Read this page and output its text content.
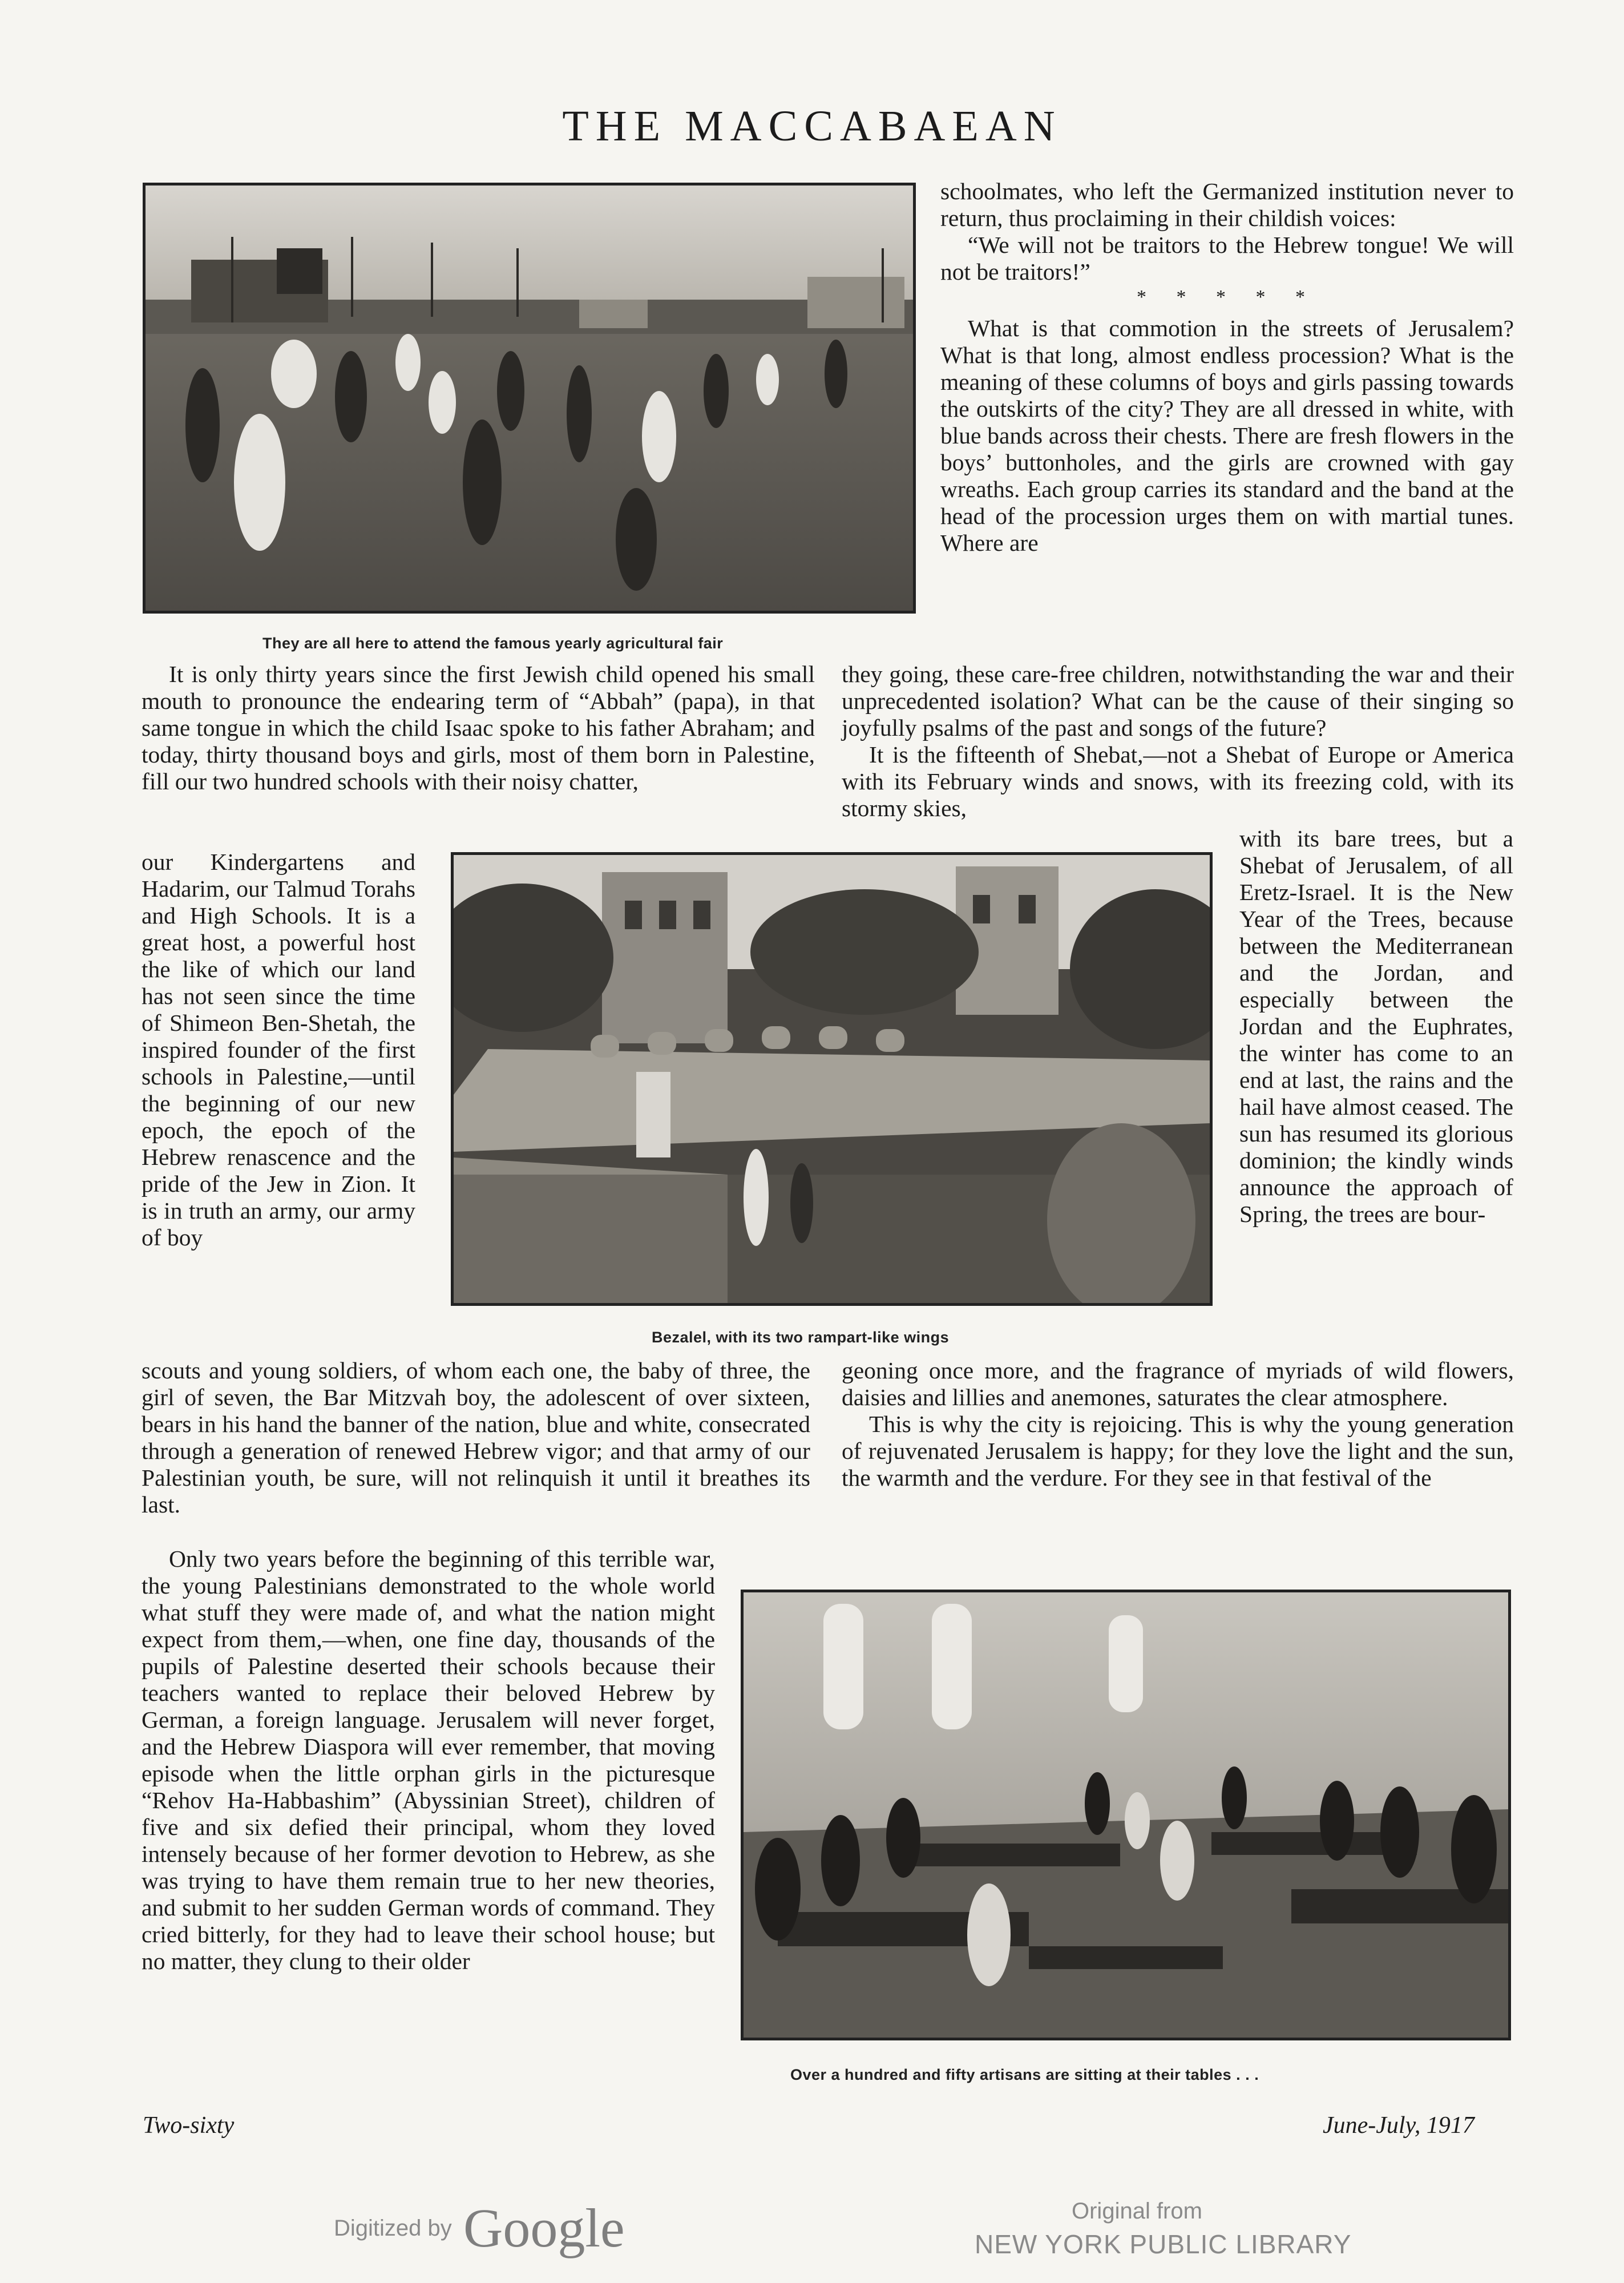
THE MACCABAEAN
They are all here to attend the famous yearly agricultural fair

It is only thirty years since the first Jewish child opened his small mouth to pronounce the endearing term of “Abbah” (papa), in that same tongue in which the child Isaac spoke to his father Abraham; and today, thirty thousand boys and girls, most of them born in Palestine, fill our two hundred schools with their noisy chatter,

our Kindergartens and Hadarim, our Talmud Torahs and High Schools. It is a great host, a powerful host the like of which our land has not seen since the time of Shimeon Ben-Shetah, the inspired founder of the first schools in Palestine,—until the beginning of our new epoch, the epoch of the Hebrew renascence and the pride of the Jew in Zion. It is in truth an army, our army of boy

Bezalel, with its two rampart-like wings

scouts and young soldiers, of whom each one, the baby of three, the girl of seven, the Bar Mitzvah boy, the adolescent of over sixteen, bears in his hand the banner of the nation, blue and white, consecrated through a generation of renewed Hebrew vigor; and that army of our Palestinian youth, be sure, will not relinquish it until it breathes its last.

Only two years before the beginning of this terrible war, the young Palestinians demonstrated to the whole world what stuff they were made of, and what the nation might expect from them,—when, one fine day, thousands of the pupils of Palestine deserted their schools because their teachers wanted to replace their beloved Hebrew by German, a foreign language. Jerusalem will never forget, and the Hebrew Diaspora will ever remember, that moving episode when the little orphan girls in the picturesque “Rehov Ha-Habbashim” (Abyssinian Street), children of five and six defied their principal, whom they loved intensely because of her former devotion to Hebrew, as she was trying to have them remain true to her new theories, and submit to her sudden German words of command. They cried bitterly, for they had to leave their school house; but no matter, they clung to their older

schoolmates, who left the Germanized institution never to return, thus proclaiming in their childish voices:

“We will not be traitors to the Hebrew tongue! We will not be traitors!”

* * * * *

What is that commotion in the streets of Jerusalem? What is that long, almost endless procession? What is the meaning of these columns of boys and girls passing towards the outskirts of the city? They are all dressed in white, with blue bands across their chests. There are fresh flowers in the boys’ buttonholes, and the girls are crowned with gay wreaths. Each group carries its standard and the band at the head of the procession urges them on with martial tunes. Where are

they going, these care-free children, notwithstanding the war and their unprecedented isolation? What can be the cause of their singing so joyfully psalms of the past and songs of the future?

It is the fifteenth of Shebat,—not a Shebat of Europe or America with its February winds and snows, with its freezing cold, with its stormy skies,

with its bare trees, but a Shebat of Jerusalem, of all Eretz-Israel. It is the New Year of the Trees, because between the Mediterranean and the Jordan, and especially between the Jordan and the Euphrates, the winter has come to an end at last, the rains and the hail have almost ceased. The sun has resumed its glorious dominion; the kindly winds announce the approach of Spring, the trees are bour-

geoning once more, and the fragrance of myriads of wild flowers, daisies and lillies and anemones, saturates the clear atmosphere.

This is why the city is rejoicing. This is why the young generation of rejuvenated Jerusalem is happy; for they love the light and the sun, the warmth and the verdure. For they see in that festival of the

Over a hundred and fifty artisans are sitting at their tables . . .
Two-sixty	June-July, 1917
Digitized by Google	Original from
NEW YORK PUBLIC LIBRARY
